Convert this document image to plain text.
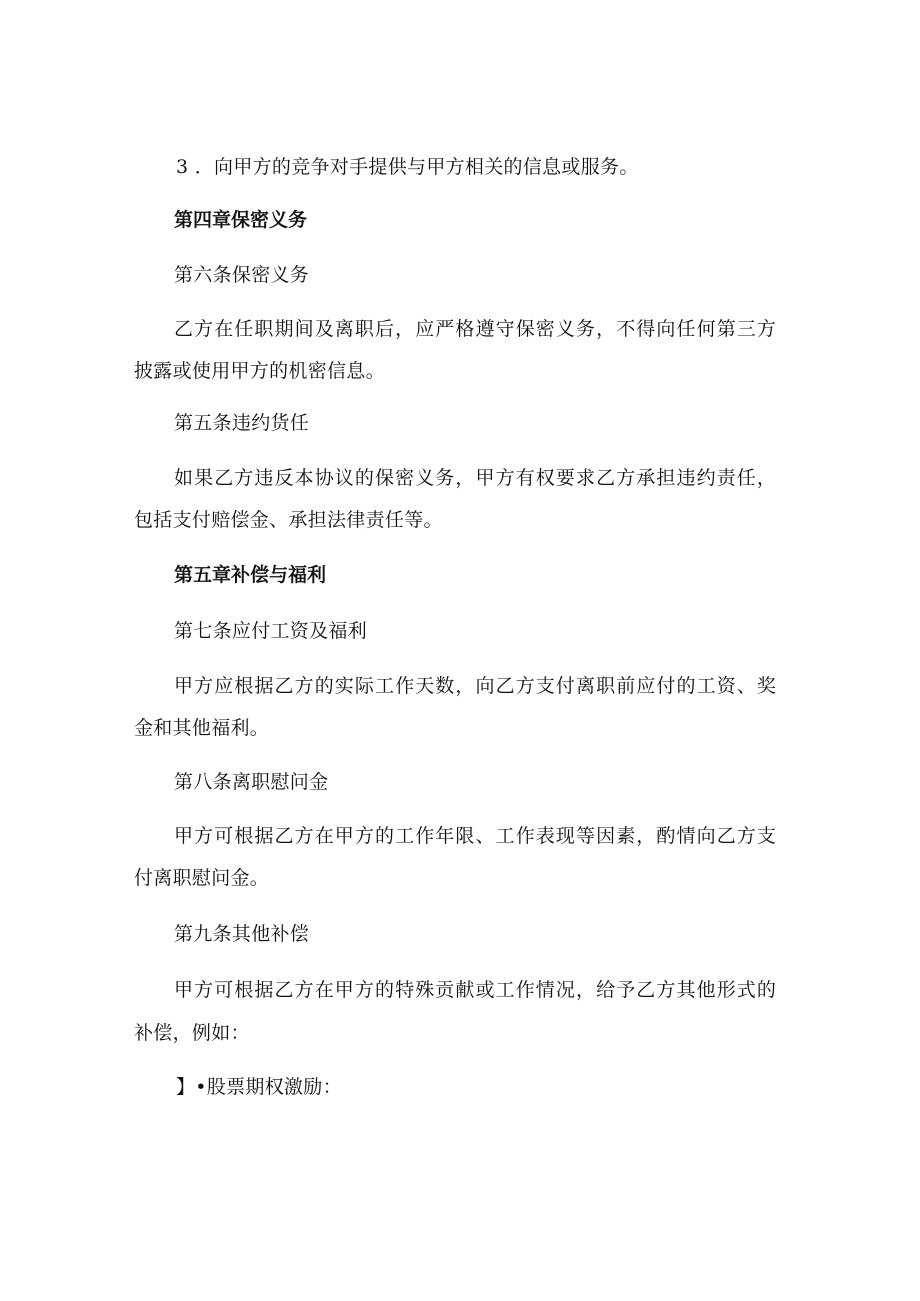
3 ．向甲方的竞争对手提供与甲方相关的信息或服务。
第四章保密义务
第六条保密义务
乙方在任职期间及离职后，应严格遵守保密义务，不得向任何第三方
披露或使用甲方的机密信息。
第五条违约货任
如果乙方违反本协议的保密义务，甲方有权要求乙方承担违约责任，
包括支付赔偿金、承担法律责任等。
第五章补偿与福利
第七条应付工资及福利
甲方应根据乙方的实际工作天数，向乙方支付离职前应付的工资、奖
金和其他福利。
第八条离职慰问金
甲方可根据乙方在甲方的工作年限、工作表现等因素，酌情向乙方支
付离职慰问金。
第九条其他补偿
甲方可根据乙方在甲方的特殊贡献或工作情况，给予乙方其他形式的
补偿，例如：
】•股票期权激励：
